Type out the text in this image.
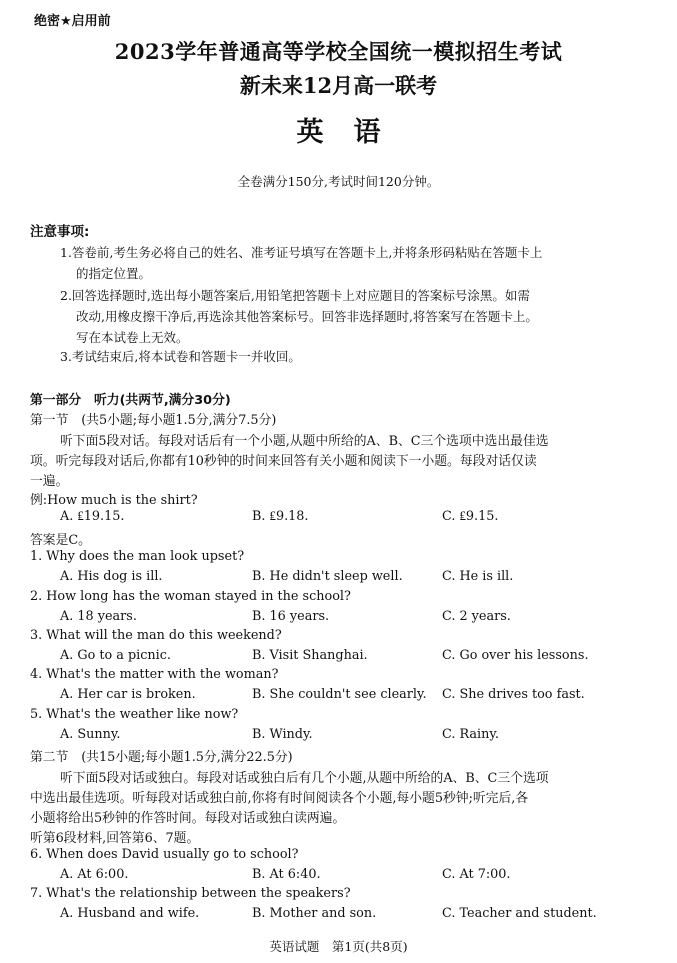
绝密★启用前
2023学年普通高等学校全国统一模拟招生考试
新未来12月高一联考
英语
全卷满分150分,考试时间120分钟。
注意事项:
1.答卷前,考生务必将自己的姓名、准考证号填写在答题卡上,并将条形码粘贴在答题卡上
的指定位置。
2.回答选择题时,选出每小题答案后,用铅笔把答题卡上对应题目的答案标号涂黑。如需
改动,用橡皮擦干净后,再选涂其他答案标号。回答非选择题时,将答案写在答题卡上。
写在本试卷上无效。
3.考试结束后,将本试卷和答题卡一并收回。
第一部分　听力(共两节,满分30分)
第一节　(共5小题;每小题1.5分,满分7.5分)
听下面5段对话。每段对话后有一个小题,从题中所给的A、B、C三个选项中选出最佳选
项。听完每段对话后,你都有10秒钟的时间来回答有关小题和阅读下一小题。每段对话仅读
一遍。
例:How much is the shirt?
A. ₤19.15.	B. ₤9.18.	C. ₤9.15.
答案是C。
1. Why does the man look upset?
A. His dog is ill.	B. He didn't sleep well.	C. He is ill.
2. How long has the woman stayed in the school?
A. 18 years.	B. 16 years.	C. 2 years.
3. What will the man do this weekend?
A. Go to a picnic.	B. Visit Shanghai.	C. Go over his lessons.
4. What's the matter with the woman?
A. Her car is broken.	B. She couldn't see clearly. C. She drives too fast.
5. What's the weather like now?
A. Sunny.	B. Windy.	C. Rainy.
第二节　(共15小题;每小题1.5分,满分22.5分)
听下面5段对话或独白。每段对话或独白后有几个小题,从题中所给的A、B、C三个选项
中选出最佳选项。听每段对话或独白前,你将有时间阅读各个小题,每小题5秒钟;听完后,各
小题将给出5秒钟的作答时间。每段对话或独白读两遍。
听第6段材料,回答第6、7题。
6. When does David usually go to school?
A. At 6:00.	B. At 6:40.	C. At 7:00.
7. What's the relationship between the speakers?
A. Husband and wife.	B. Mother and son.	C. Teacher and student.
英语试题　第1页(共8页)
